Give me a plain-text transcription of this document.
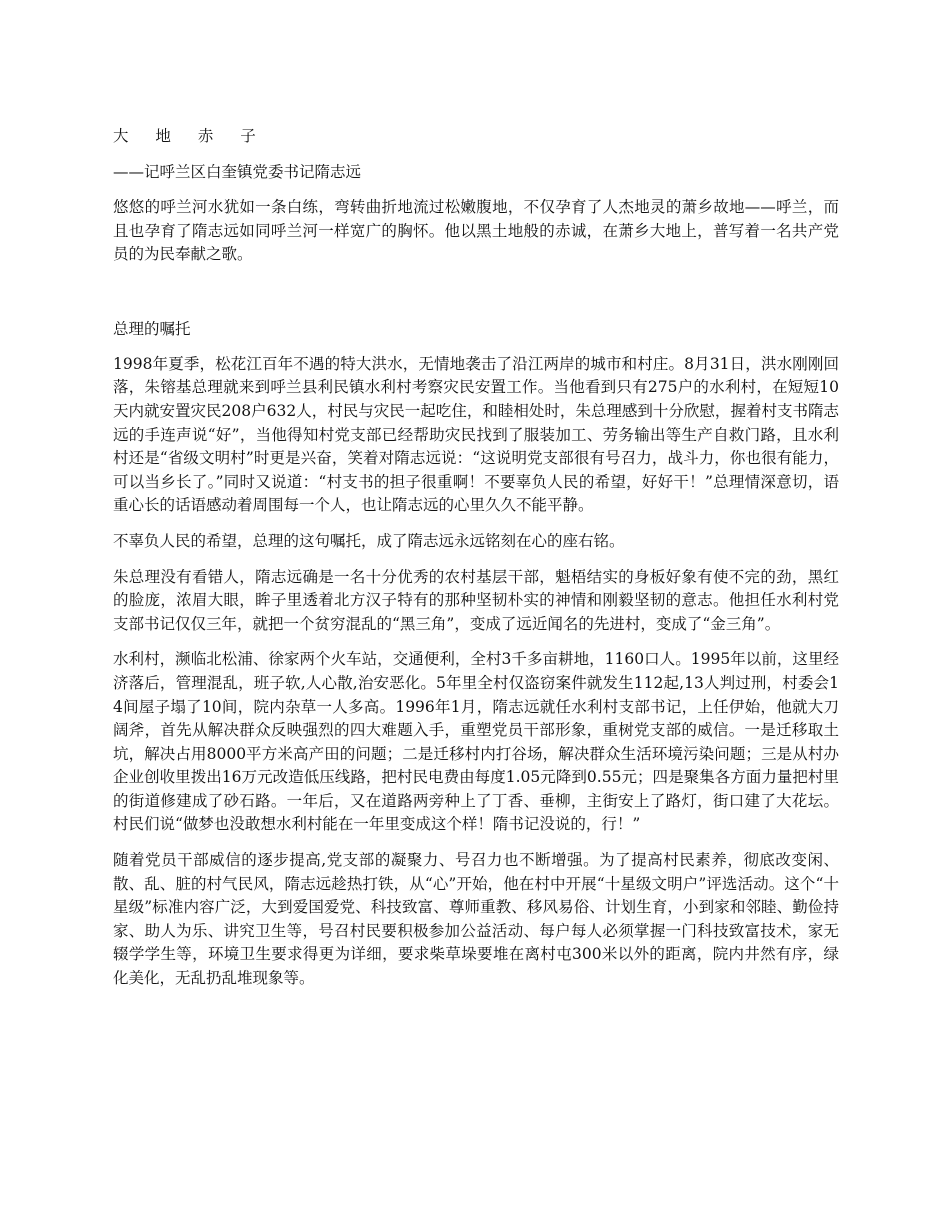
大 地 赤 子
——记呼兰区白奎镇党委书记隋志远

悠悠的呼兰河水犹如一条白练，弯转曲折地流过松嫩腹地，不仅孕育了人杰地灵的萧乡故地——呼兰，而且也孕育了隋志远如同呼兰河一样宽广的胸怀。他以黑土地般的赤诚，在萧乡大地上，普写着一名共产党员的为民奉献之歌。

总理的嘱托

1998年夏季，松花江百年不遇的特大洪水，无情地袭击了沿江两岸的城市和村庄。8月31日，洪水刚刚回落，朱镕基总理就来到呼兰县利民镇水利村考察灾民安置工作。当他看到只有275户的水利村，在短短10天内就安置灾民208户632人，村民与灾民一起吃住，和睦相处时，朱总理感到十分欣慰，握着村支书隋志远的手连声说“好”，当他得知村党支部已经帮助灾民找到了服装加工、劳务输出等生产自救门路，且水利村还是“省级文明村”时更是兴奋，笑着对隋志远说：“这说明党支部很有号召力，战斗力，你也很有能力，可以当乡长了。”同时又说道：“村支书的担子很重啊！不要辜负人民的希望，好好干！”总理情深意切，语重心长的话语感动着周围每一个人，也让隋志远的心里久久不能平静。

不辜负人民的希望，总理的这句嘱托，成了隋志远永远铭刻在心的座右铭。

朱总理没有看错人，隋志远确是一名十分优秀的农村基层干部，魁梧结实的身板好象有使不完的劲，黑红的脸庞，浓眉大眼，眸子里透着北方汉子特有的那种坚韧朴实的神情和刚毅坚韧的意志。他担任水利村党支部书记仅仅三年，就把一个贫穷混乱的“黑三角”，变成了远近闻名的先进村，变成了“金三角”。

水利村，濒临北松浦、徐家两个火车站，交通便利，全村3千多亩耕地，1160口人。1995年以前，这里经济落后，管理混乱，班子软,人心散,治安恶化。5年里全村仅盗窃案件就发生112起,13人判过刑，村委会14间屋子塌了10间，院内杂草一人多高。1996年1月，隋志远就任水利村支部书记，上任伊始，他就大刀阔斧，首先从解决群众反映强烈的四大难题入手，重塑党员干部形象，重树党支部的威信。一是迁移取土坑，解决占用8000平方米高产田的问题；二是迁移村内打谷场，解决群众生活环境污染问题；三是从村办企业创收里拨出16万元改造低压线路，把村民电费由每度1.05元降到0.55元；四是聚集各方面力量把村里的街道修建成了砂石路。一年后，又在道路两旁种上了丁香、垂柳，主街安上了路灯，街口建了大花坛。村民们说“做梦也没敢想水利村能在一年里变成这个样！隋书记没说的，行！”

随着党员干部威信的逐步提高,党支部的凝聚力、号召力也不断增强。为了提高村民素养，彻底改变闲、散、乱、脏的村气民风，隋志远趁热打铁，从“心”开始，他在村中开展“十星级文明户”评选活动。这个“十星级”标准内容广泛，大到爱国爱党、科技致富、尊师重教、移风易俗、计划生育，小到家和邻睦、勤俭持家、助人为乐、讲究卫生等，号召村民要积极参加公益活动、每户每人必须掌握一门科技致富技术，家无辍学学生等，环境卫生要求得更为详细，要求柴草垛要堆在离村屯300米以外的距离，院内井然有序，绿化美化，无乱扔乱堆现象等。
